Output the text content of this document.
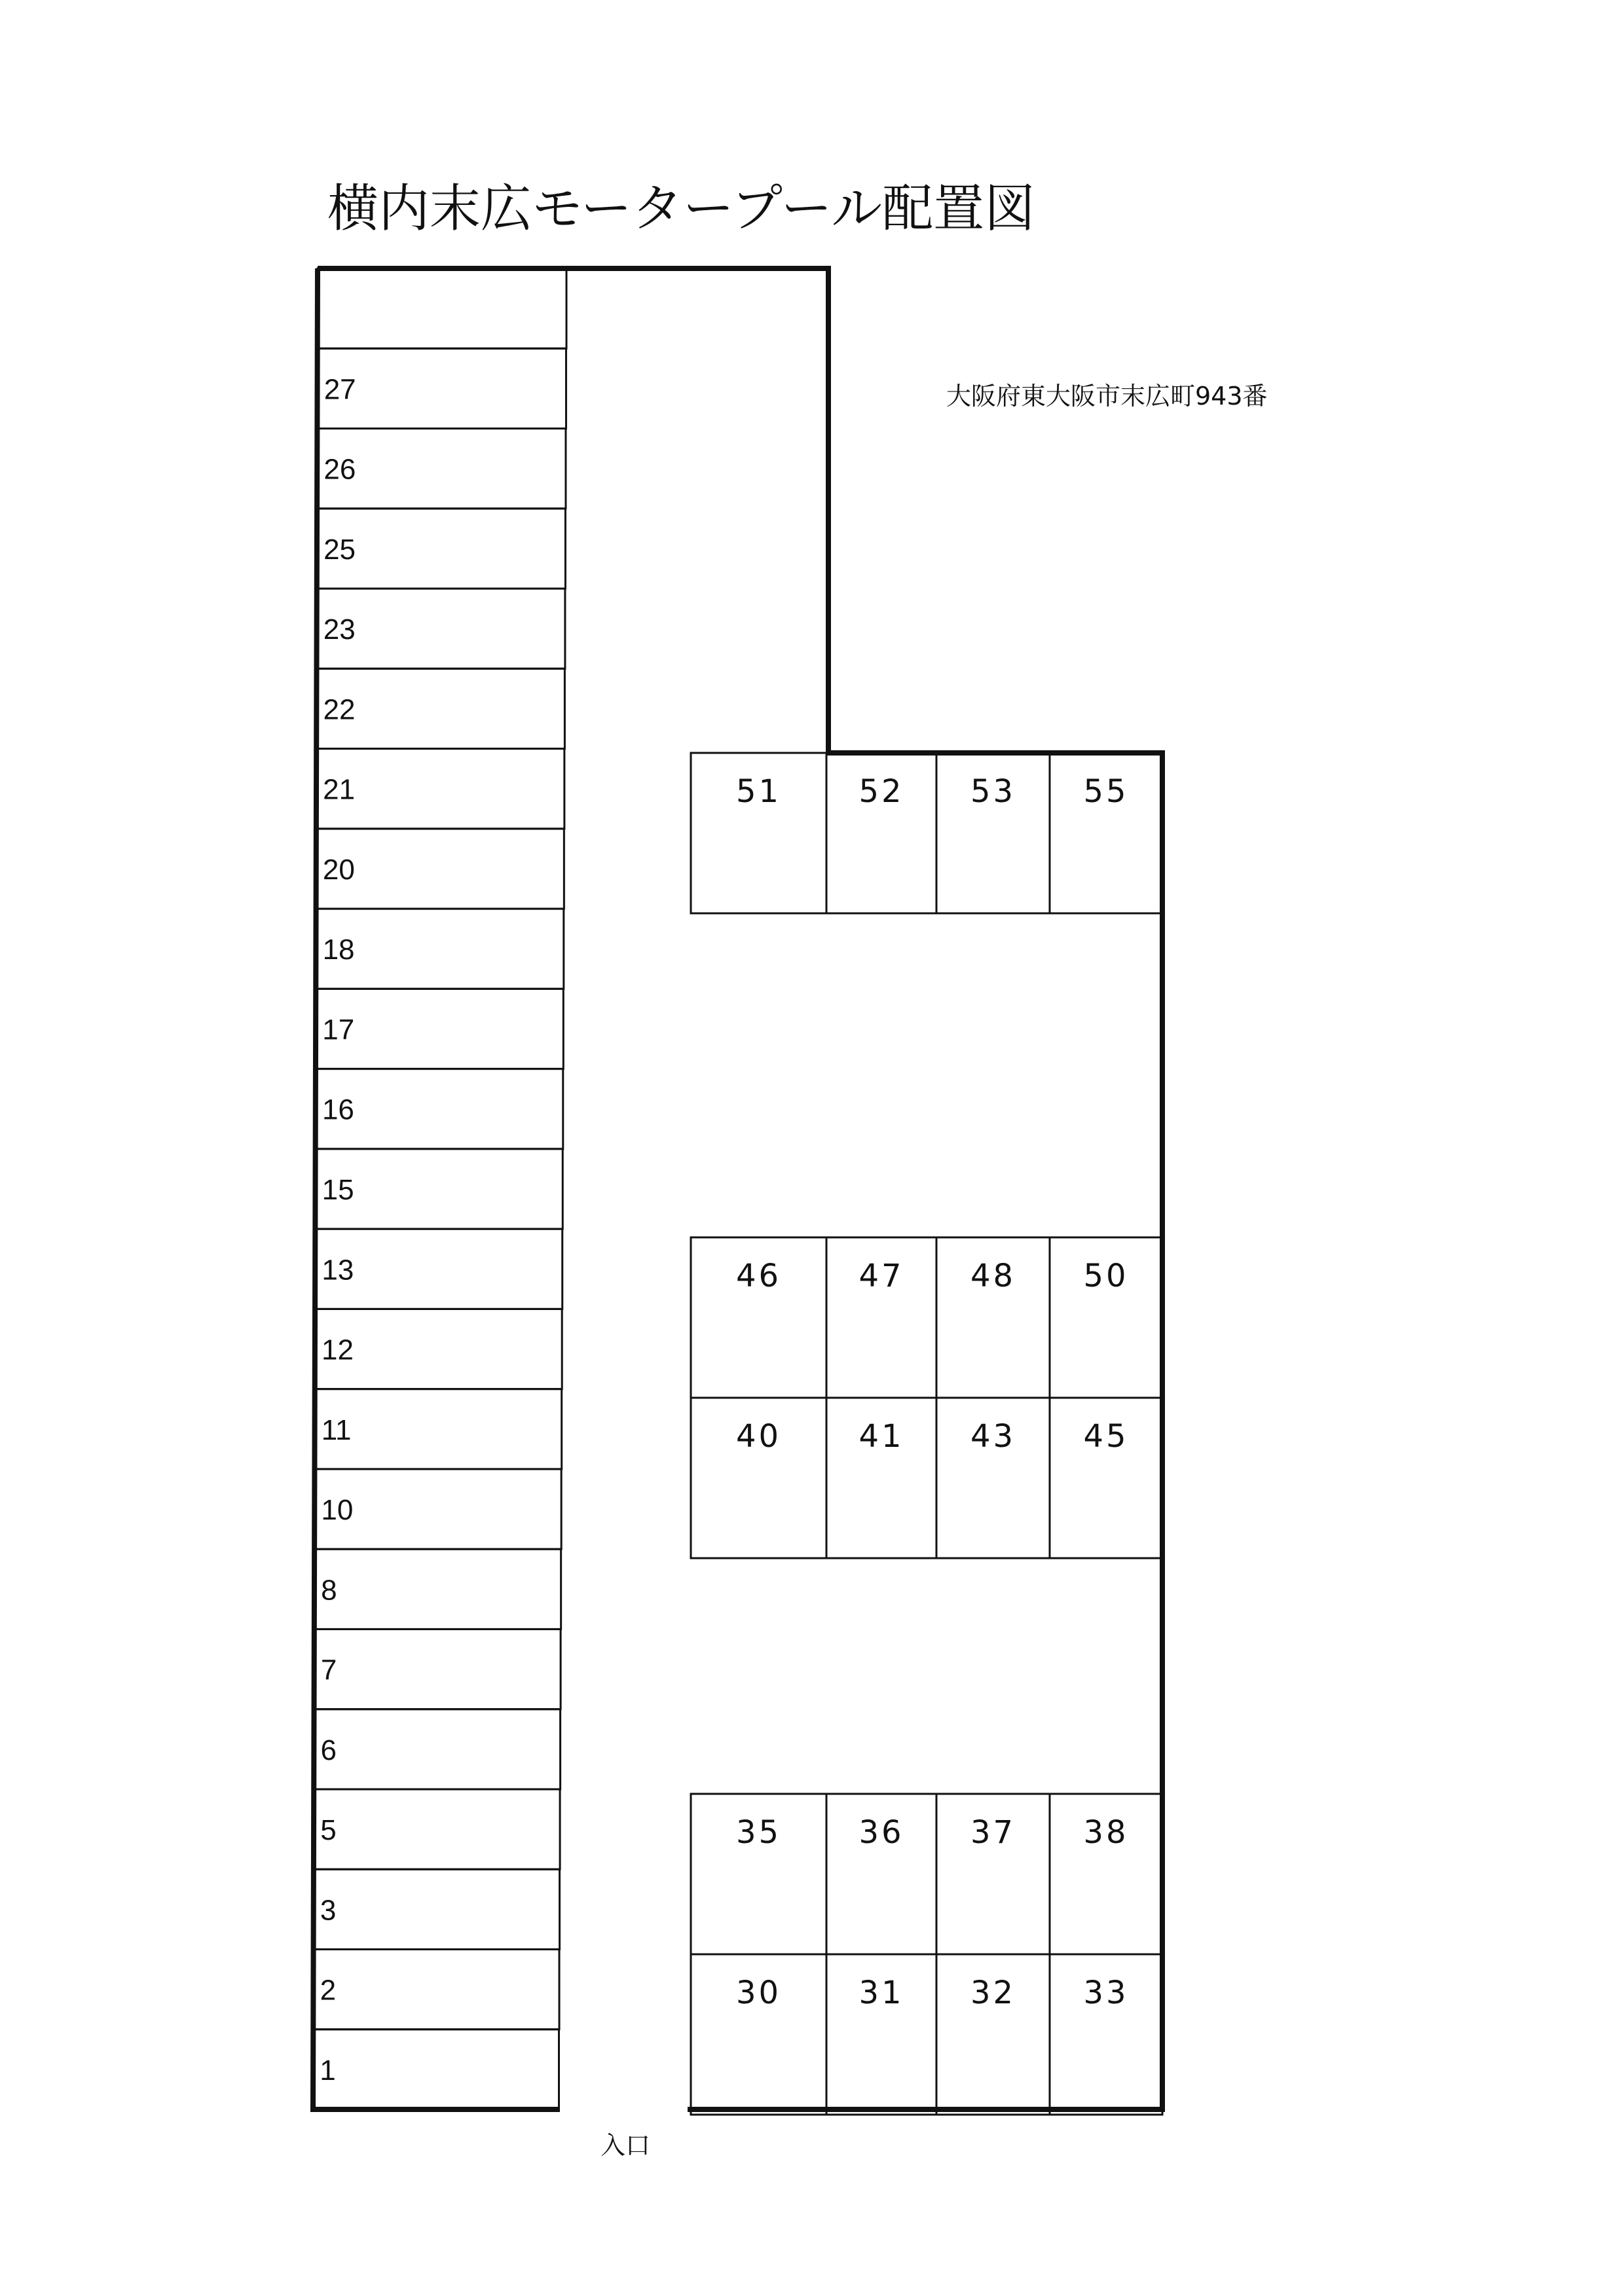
横内末広モータープール配置図
大阪府東大阪市末広町943番
27
26
25
23
22
21
20
18
17
16
15
13
12
11
10
8
7
6
5
3
2
1
51 52 53 55
46 47 48 50
40 41 43 45
35 36 37 38
30 31 32 33
入口
